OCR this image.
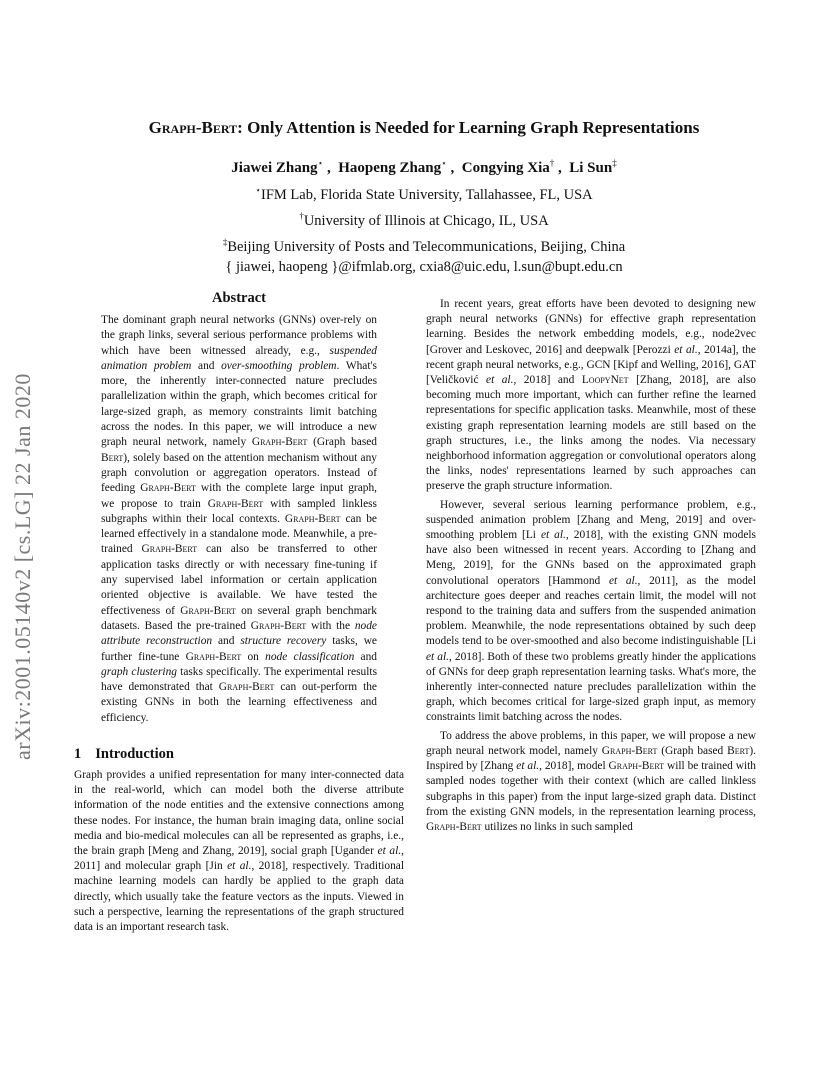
arXiv:2001.05140v2 [cs.LG] 22 Jan 2020
Graph-Bert: Only Attention is Needed for Learning Graph Representations
Jiawei Zhang⋆ ,  Haopeng Zhang⋆ ,  Congying Xia† ,  Li Sun‡
⋆IFM Lab, Florida State University, Tallahassee, FL, USA
†University of Illinois at Chicago, IL, USA
‡Beijing University of Posts and Telecommunications, Beijing, China
{ jiawei, haopeng }@ifmlab.org, cxia8@uic.edu, l.sun@bupt.edu.cn
Abstract

The dominant graph neural networks (GNNs) over-rely on the graph links, several serious performance problems with which have been witnessed already, e.g., suspended animation problem and over-smoothing problem. What's more, the inherently inter-connected nature precludes parallelization within the graph, which becomes critical for large-sized graph, as memory constraints limit batching across the nodes. In this paper, we will introduce a new graph neural network, namely Graph-Bert (Graph based Bert), solely based on the attention mechanism without any graph convolution or aggregation operators. Instead of feeding Graph-Bert with the complete large input graph, we propose to train Graph-Bert with sampled linkless subgraphs within their local contexts. Graph-Bert can be learned effectively in a standalone mode. Meanwhile, a pre-trained Graph-Bert can also be transferred to other application tasks directly or with necessary fine-tuning if any supervised label information or certain application oriented objective is available. We have tested the effectiveness of Graph-Bert on several graph benchmark datasets. Based the pre-trained Graph-Bert with the node attribute reconstruction and structure recovery tasks, we further fine-tune Graph-Bert on node classification and graph clustering tasks specifically. The experimental results have demonstrated that Graph-Bert can out-perform the existing GNNs in both the learning effectiveness and efficiency.

1 Introduction

Graph provides a unified representation for many inter-connected data in the real-world, which can model both the diverse attribute information of the node entities and the extensive connections among these nodes. For instance, the human brain imaging data, online social media and bio-medical molecules can all be represented as graphs, i.e., the brain graph [Meng and Zhang, 2019], social graph [Ugander et al., 2011] and molecular graph [Jin et al., 2018], respectively. Traditional machine learning models can hardly be applied to the graph data directly, which usually take the feature vectors as the inputs. Viewed in such a perspective, learning the representations of the graph structured data is an important research task.

In recent years, great efforts have been devoted to designing new graph neural networks (GNNs) for effective graph representation learning. Besides the network embedding models, e.g., node2vec [Grover and Leskovec, 2016] and deepwalk [Perozzi et al., 2014a], the recent graph neural networks, e.g., GCN [Kipf and Welling, 2016], GAT [Veličković et al., 2018] and LoopyNet [Zhang, 2018], are also becoming much more important, which can further refine the learned representations for specific application tasks. Meanwhile, most of these existing graph representation learning models are still based on the graph structures, i.e., the links among the nodes. Via necessary neighborhood information aggregation or convolutional operators along the links, nodes' representations learned by such approaches can preserve the graph structure information.

However, several serious learning performance problem, e.g., suspended animation problem [Zhang and Meng, 2019] and over-smoothing problem [Li et al., 2018], with the existing GNN models have also been witnessed in recent years. According to [Zhang and Meng, 2019], for the GNNs based on the approximated graph convolutional operators [Hammond et al., 2011], as the model architecture goes deeper and reaches certain limit, the model will not respond to the training data and suffers from the suspended animation problem. Meanwhile, the node representations obtained by such deep models tend to be over-smoothed and also become indistinguishable [Li et al., 2018]. Both of these two problems greatly hinder the applications of GNNs for deep graph representation learning tasks. What's more, the inherently inter-connected nature precludes parallelization within the graph, which becomes critical for large-sized graph input, as memory constraints limit batching across the nodes.

To address the above problems, in this paper, we will propose a new graph neural network model, namely Graph-Bert (Graph based Bert). Inspired by [Zhang et al., 2018], model Graph-Bert will be trained with sampled nodes together with their context (which are called linkless subgraphs in this paper) from the input large-sized graph data. Distinct from the existing GNN models, in the representation learning process, Graph-Bert utilizes no links in such sampled
